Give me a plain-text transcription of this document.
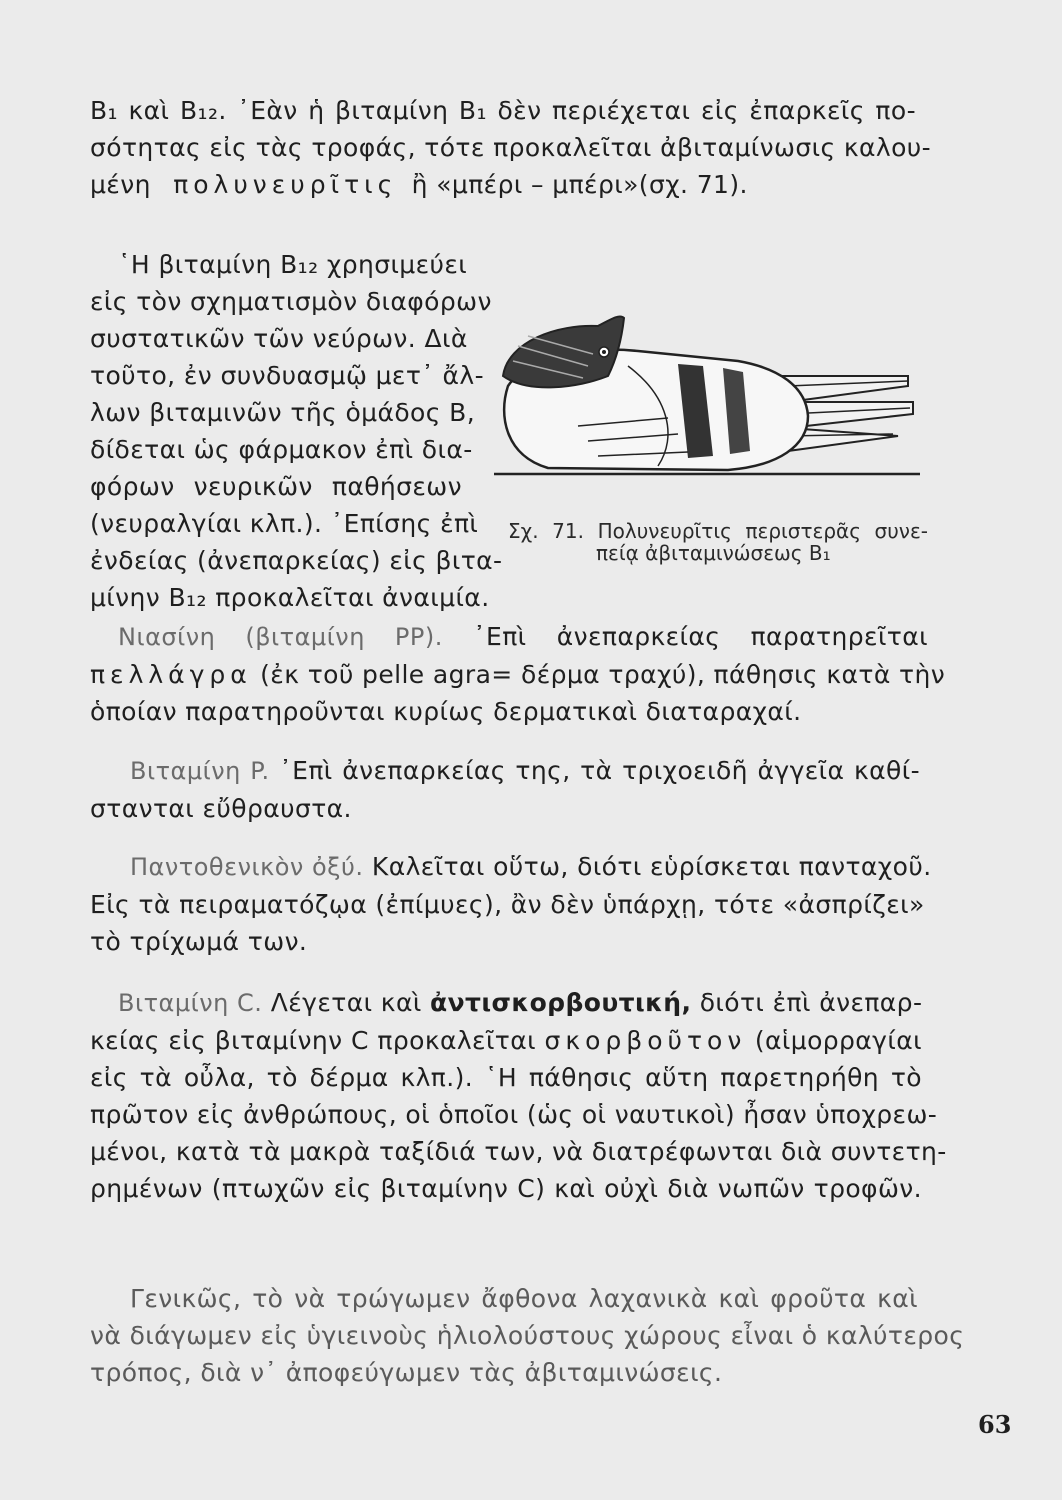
B₁ καὶ B₁₂. ᾽Εὰν ἡ βιταμίνη B₁ δὲν περιέχεται εἰς ἐπαρκεῖς πο-
σότητας εἰς τὰς τροφάς, τότε προκαλεῖται ἀβιταμίνωσις καλου-
μένη πολυνευρῖτις ἢ «μπέρι – μπέρι»(σχ. 71).
῾Η βιταμίνη B₁₂ χρησιμεύει
εἰς τὸν σχηματισμὸν διαφόρων
συστατικῶν τῶν νεύρων. Διὰ
τοῦτο, ἐν συνδυασμῷ μετ᾽ ἄλ-
λων βιταμινῶν τῆς ὁμάδος B,
δίδεται ὡς φάρμακον ἐπὶ δια-
φόρων νευρικῶν παθήσεων
(νευραλγίαι κλπ.). ᾽Επίσης ἐπὶ
ἐνδείας (ἀνεπαρκείας) εἰς βιτα-
μίνην B₁₂ προκαλεῖται ἀναιμία.
Σχ. 71. Πολυνευρῖτις περιστερᾶς συνε-
πείᾳ ἀβιταμινώσεως B₁
Νιασίνη (βιταμίνη PP). ᾽Επὶ ἀνεπαρκείας παρατηρεῖται
πελλάγρα (ἐκ τοῦ pelle agra= δέρμα τραχύ), πάθησις κατὰ τὴν
ὁποίαν παρατηροῦνται κυρίως δερματικαὶ διαταραχαί.
Βιταμίνη P. ᾽Επὶ ἀνεπαρκείας της, τὰ τριχοειδῆ ἀγγεῖα καθί-
στανται εὔθραυστα.
Παντοθενικὸν ὀξύ. Καλεῖται οὕτω, διότι εὑρίσκεται πανταχοῦ.
Εἰς τὰ πειραματόζῳα (ἐπίμυες), ἂν δὲν ὑπάρχῃ, τότε «ἀσπρίζει»
τὸ τρίχωμά των.
Βιταμίνη C. Λέγεται καὶ ἀντισκορβουτική, διότι ἐπὶ ἀνεπαρ-
κείας εἰς βιταμίνην C προκαλεῖται σκορβοῦτον (αἱμορραγίαι
εἰς τὰ οὖλα, τὸ δέρμα κλπ.). ῾Η πάθησις αὕτη παρετηρήθη τὸ
πρῶτον εἰς ἀνθρώπους, οἱ ὁποῖοι (ὡς οἱ ναυτικοὶ) ἦσαν ὑποχρεω-
μένοι, κατὰ τὰ μακρὰ ταξίδιά των, νὰ διατρέφωνται διὰ συντετη-
ρημένων (πτωχῶν εἰς βιταμίνην C) καὶ οὐχὶ διὰ νωπῶν τροφῶν.
Γενικῶς, τὸ νὰ τρώγωμεν ἄφθονα λαχανικὰ καὶ φροῦτα καὶ
νὰ διάγωμεν εἰς ὑγιεινοὺς ἡλιολούστους χώρους εἶναι ὁ καλύτερος
τρόπος, διὰ ν᾽ ἀποφεύγωμεν τὰς ἀβιταμινώσεις.
63
